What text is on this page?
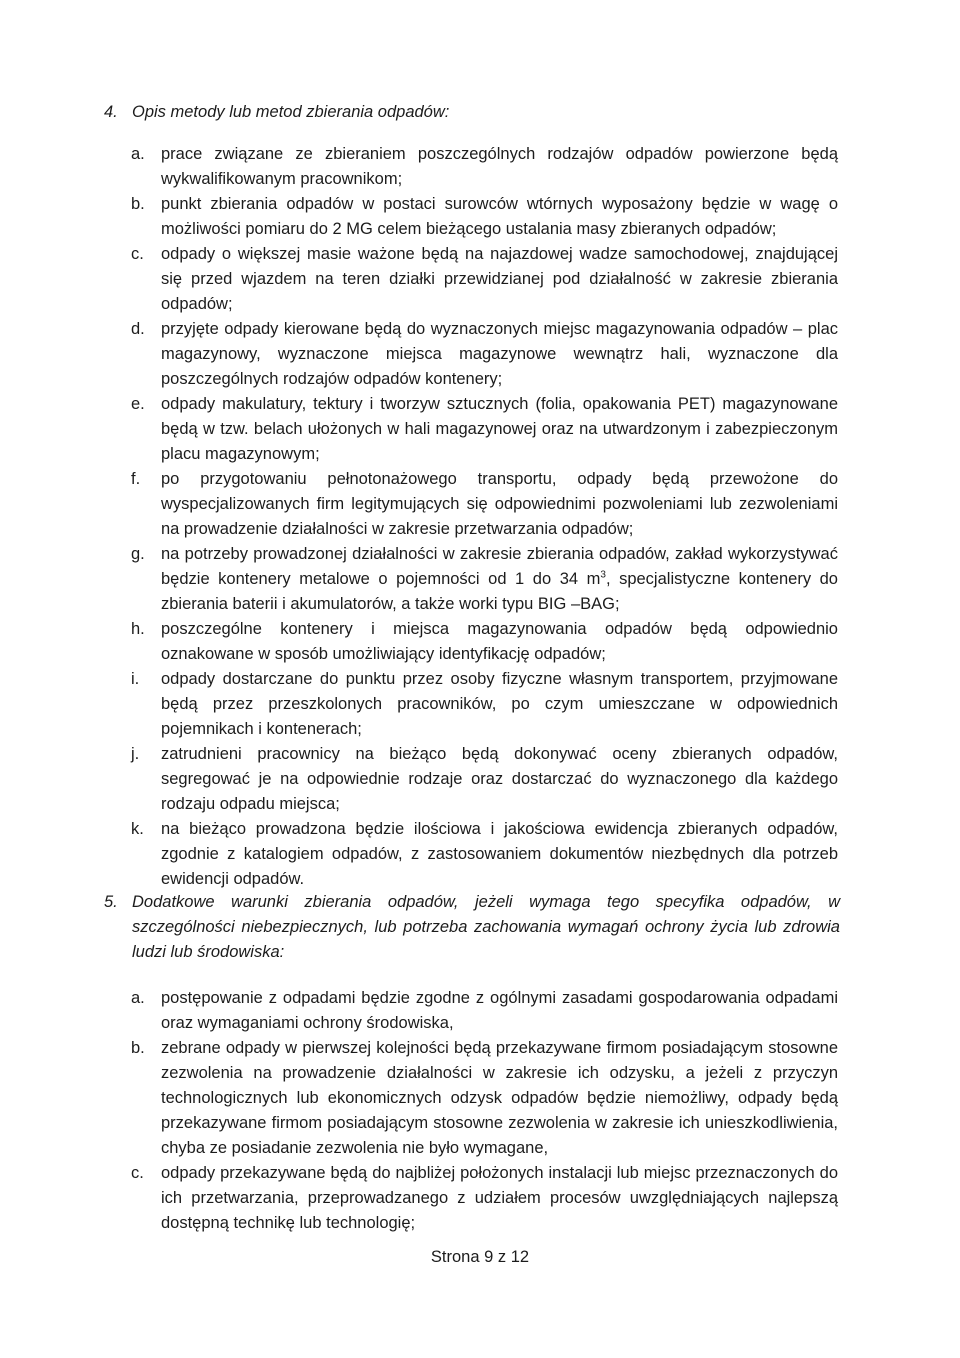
4. Opis metody lub metod zbierania odpadów:
a. prace związane ze zbieraniem poszczególnych rodzajów odpadów powierzone będą wykwalifikowanym pracownikom;
b. punkt zbierania odpadów w postaci surowców wtórnych wyposażony będzie w wagę o możliwości pomiaru do 2 MG celem bieżącego ustalania masy zbieranych odpadów;
c. odpady o większej masie ważone będą na najazdowej wadze samochodowej, znajdującej się przed wjazdem na teren działki przewidzianej pod działalność w zakresie zbierania odpadów;
d. przyjęte odpady kierowane będą do wyznaczonych miejsc magazynowania odpadów – plac magazynowy, wyznaczone miejsca magazynowe wewnątrz hali, wyznaczone dla poszczególnych rodzajów odpadów kontenery;
e. odpady makulatury, tektury i tworzyw sztucznych (folia, opakowania PET) magazynowane będą w tzw. belach ułożonych w hali magazynowej oraz na utwardzonym i zabezpieczonym placu magazynowym;
f. po przygotowaniu pełnotonażowego transportu, odpady będą przewożone do wyspecjalizowanych firm legitymujących się odpowiednimi pozwoleniami lub zezwoleniami na prowadzenie działalności w zakresie przetwarzania odpadów;
g. na potrzeby prowadzonej działalności w zakresie zbierania odpadów, zakład wykorzystywać będzie kontenery metalowe o pojemności od 1 do 34 $m^3$, specjalistyczne kontenery do zbierania baterii i akumulatorów, a także worki typu BIG –BAG;
h. poszczególne kontenery i miejsca magazynowania odpadów będą odpowiednio oznakowane w sposób umożliwiający identyfikację odpadów;
i. odpady dostarczane do punktu przez osoby fizyczne własnym transportem, przyjmowane będą przez przeszkolonych pracowników, po czym umieszczane w odpowiednich pojemnikach i kontenerach;
j. zatrudnieni pracownicy na bieżąco będą dokonywać oceny zbieranych odpadów, segregować je na odpowiednie rodzaje oraz dostarczać do wyznaczonego dla każdego rodzaju odpadu miejsca;
k. na bieżąco prowadzona będzie ilościowa i jakościowa ewidencja zbieranych odpadów, zgodnie z katalogiem odpadów, z zastosowaniem dokumentów niezbędnych dla potrzeb ewidencji odpadów.
5. Dodatkowe warunki zbierania odpadów, jeżeli wymaga tego specyfika odpadów, w szczególności niebezpiecznych, lub potrzeba zachowania wymagań ochrony życia lub zdrowia ludzi lub środowiska:
a. postępowanie z odpadami będzie zgodne z ogólnymi zasadami gospodarowania odpadami oraz wymaganiami ochrony środowiska,
b. zebrane odpady w pierwszej kolejności będą przekazywane firmom posiadającym stosowne zezwolenia na prowadzenie działalności w zakresie ich odzysku, a jeżeli z przyczyn technologicznych lub ekonomicznych odzysk odpadów będzie niemożliwy, odpady będą przekazywane firmom posiadającym stosowne zezwolenia w zakresie ich unieszkodliwienia, chyba ze posiadanie zezwolenia nie było wymagane,
c. odpady przekazywane będą do najbliżej położonych instalacji lub miejsc przeznaczonych do ich przetwarzania, przeprowadzanego z udziałem procesów uwzględniających najlepszą dostępną technikę lub technologię;
Strona 9 z 12
